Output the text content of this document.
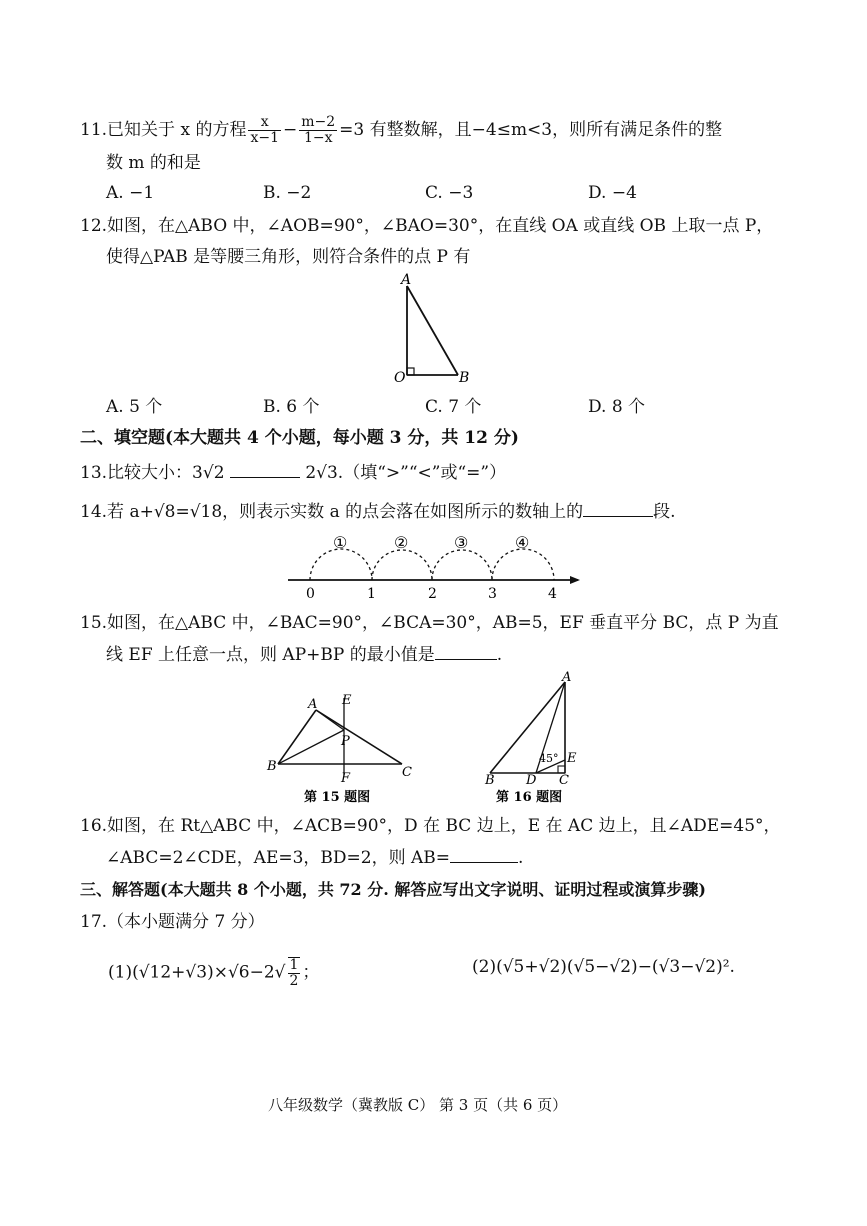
11.已知关于 x 的方程 $\frac{x}{x-1} - \frac{m-2}{1-x} =3$ 有整数解，且−4≤m<3，则所有满足条件的整
数 m 的和是
A. −1	B. −2	C. −3	D. −4
12.如图，在△ABO 中，∠AOB=90°，∠BAO=30°，在直线 OA 或直线 OB 上取一点 P，
使得△PAB 是等腰三角形，则符合条件的点 P 有
A
O	B
A. 5 个	B. 6 个	C. 7 个	D. 8 个
二、填空题(本大题共 4 个小题，每小题 3 分，共 12 分)
13.比较大小：3√2	2√3.（填“>”“<”或“=”）
14.若 a+√8=√18，则表示实数 a 的点会落在如图所示的数轴上的	段.
①	②	③	④
0	1	2	3	4
15.如图，在△ABC 中，∠BAC=90°，∠BCA=30°，AB=5，EF 垂直平分 BC，点 P 为直
线 EF 上任意一点，则 AP+BP 的最小值是	.
A E
P
B	C
F
第 15 题图
A
45° E
B D C
第 16 题图
16.如图，在 Rt△ABC 中，∠ACB=90°，D 在 BC 边上，E 在 AC 边上，且∠ADE=45°，
∠ABC=2∠CDE，AE=3，BD=2，则 AB=	.
三、解答题(本大题共 8 个小题，共 72 分. 解答应写出文字说明、证明过程或演算步骤)
17.（本小题满分 7 分）
$(1)(√12+√3)\times√6-2√ \frac{1}{2}$ ；	(2)(√5+√2)(√5−√2)−(√3−√2)².
八年级数学（冀教版 C） 第 3 页（共 6 页）
